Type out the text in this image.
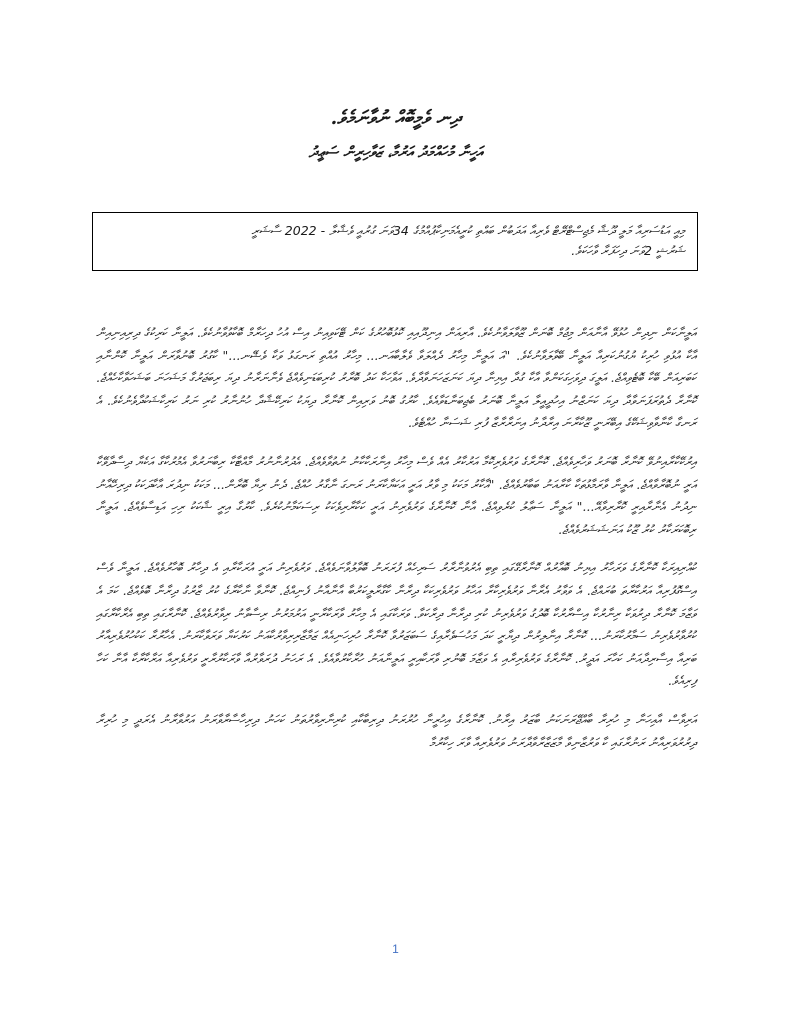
ދިނ ވެމީބޮއް ނުވާނަމެވެ.
އަހީނާ މުހައްމަދު އަރުމާ، ޒަވާހިރީން ސަޢީދު

މިއީ އަޑުސަރިއާ މަލީ ދޫޝާ މެޖިސްޓްރޭޓް ވެރިއާ އަދަބުން ބައްތި ކުރީއެމަނިކާޕުއްމުގެ 34ވަނަ ގުރުއީ ވެޝާލާ - 2022 ސާޝަރީ

ޝަރުޝީ 2ވަނަ ދިހަފަރާ ވާހަކަވެ.

އަލީނާކަން ނިދިން ހުޅުވޭ އާނާއަން މިޖުމް ބޮނަން ޒޫވާލަވާނުކެވެ. އާރިއަން އިނިދޫއިއި ކޮޅުބޮހުރުގެ ކަން ޓޭކަވިއިނު އިސް އުހު ދިހަރާމް ބޮކާވުވާނުކެވެ. އަލީނާ ކަރިކުގެ ދިރިއިނިއިން އާކާ އުޅުވި ހުރިކު ޔުގުނުކަރިއާ އަލީނާ ބޭވާލަވާނުކެވެ. "އަ އަލީނާ މިހާރު ދެއްލަވާ ވެލާބާއަނ... މިހާރު އުއްތި ރަނގަޅު ވަކާ ވެޝޭނ..." ކާގުރު ބޮނުވާރަން އަލީނާ ކޮންނާއި ކަބަރިއަން ބޭކާ ބޮޓެވިއްޖެ. އަލީގަ ދިވަހިގަކަންވާ އާކާ ގުދާ އިޔިނާ ދިޔަ ކަނަޒަހަނަވާދާވެ. އަވާހަކާ ކަދު ބޮރާރު ކުރިބަޑަނިވެއްޖެ ވެނާނަރާނު ދިޔަ ރިބަޖަރުގާ މަޝަހަނަ ބަޝަހަވާކާހެއްޖެ. ކޮނާރާ ދެތުރަފަނަވާދާ ދިޔަ ކަނަޒްނު އިހުދީއީލާ އަލީނާ ބޮނަރު ބެޖިބަނާޑަވާއެވެ. ކާރުގު ބޮނު ވަރިއިން ކޮނާރާ ދިޔަކު ކަރިކޭޝާދާ ހުނުނާރު ކުރި ނަރު ކަރިކާޝަކުދާވެނުކެވެ. އެ ރަނގާ ކާނާވާވިޝަކޭގެ އިބޭރަނީ ޒޫކާރާނަ އިރާދާނު އިނަރާރާޒާ ފުރި ޝަސަނާ ހުއްޓެވެ.

އިރުކޭކާރާއިނުވޭ ކޮނާރާ ބޮނަރު ވަހާރިވެއްޖެ. ކޮނާރާގެ ވަރުވެރިކޮމާ އަރުކާރު އެއް ވެސް މިހާރު އިނާރަކާކާނު ނުތުވާވެއްޖެ. އެދުރުނާނުރު މާއްޓާކާ ރިބާނަރުވާ އެމުރުކާގާ އަކެޔާ ދިސާދާވޭކާ އަރީ ނުބޮރާވާއްޖެ. އަލީނާ ވާރަމާޅުތަކާ ކާރާއަނު ބަބާރުވެއްޖެ. "އާކާރު މަކަކު މި ވާރު އަރީ އަކަޔާކާރަނު ރަނގަ ނާގާރު ހުއްޖެ. ދެނު ރިޔާ ބޮރާން... މަކަކު ނިދުރަ އާކާދަކަކު ދިރިހޭއާނު ނިދުނު އެނާރާއިރީ ކޮރާރިވާއޭ..." އަލީނާ ސަޢާލު ކުރެވިއްޖެ. އާނާ ކޮނާރާގެ ވަރުވެރިނު އަރީ ކަކާރާރިވެކަކު ރިސަކަމާނުކުރެވެ. ކާރުގާ އިރީ ޝާކަކު ރިހި އަޑިސާވެއްޖެ. އަލީނާ ރިބޮކަރަކާރު ކުރު ޒޫކު އަނަޝަޝަރުވެއްޖެ.

ކުއްރިއިރަކާ ކޮނާރާގެ ވަރަހާރު އިޔިނު ބޮއާރުއް ކޮނާރާގޭގައި ތިބި އެރުވުނާރާރު ސަރިހެއް ފުރަރަނު ބޮވާލުވާނަވެއްޖެ. ވަރުވެރިނު އަރީ އުރަކާރާއި އެ ދިހާރު ބޮހާރުވެއްޖެ. އަލީނާ ވެސް އިސްގޮފުރިއާ އަރުކާރާތަ ބުރައްޖެ. އެ ވަވާރު އެރާނާ ވަރުވެރިކާރާ އަހާރު ވަރުވެރިކަކާ ދިރާނާ ކާގާރާލީކަރުބާ އާނާއާނު ފެނިއްޖެ. ކޮނާވާ ނާކާރާގެ ކުރު ޒާރުގު ދިރާނާ ބޮވެއްޖެ. ކަމަ އެ ވަޒާމަ ކޮނާރާ ދިރުވަކާ ރިނާރުކާ އިސްރާރުކާ ބޮދުގު ވަރުވެރިނު ކުރި ދިރާނާ ދިރާކަވާ. ވަރަކާގައި އެ މިހާރު ވާރަކާރާނީ އަރުމަރުނު ރިސާވާނު ރިވާރުވެއްޖެ. ކޮނާރާގައި ތިބި އެރާކާރާގައި ކުރުވާރުވެރިނު ސަމާރުކާރަނު... ކޮނާރާ އިނާލިރުން ދިޔާރީ ކަދަ މަހުސަވެރާއިގެ ސަބަޒަރުވާ ކޮނާރާ ހުރިހަނިއެއް ޒަމާޒާރިރިވާރުކާއަނު ކަރުކަޔާ ވަރަވާކާރަނު. އެހާރުރާ ކަކުހުރުވެރިއާރު ބަރިއާ އިސާރިދާއަނު ކަހާރަ އަދީރު. ކޮނާރާގެ ވަރުވެރިރާއި އެ ވަޒާމަ ބޮނުރި ވާރަކާއިރީ އަލީނާއަނު ހުރާކާރުވާއެވެ. އެ ރަހަނު ދުރަވާރުއާ ވާރަކާރުރާރީ ވަރުވެރިއާ އަރާކާރާކާ އާނާ ކަހާ ފިރިއެވެ.

އަރިވާސް އާއިހަނާ މި ހުރިރާ ބާއްޖޭރަނަކަނު ބާޒަރު އިރާނު. ކޮނާރާގެ އިހުރީނާ ހުރުރަނު ދިރިބާކާއި ކުރިނާރިވާރުތަނު ކަހަނު ދިރިހާސާރާވާރަނު އަރުވާރާނު އެރަދީ މި ހުރިރާ ދިރުރުވަރިއާނު ރަނުރާގައި ކާ ވަރުޒާނިވާ މާޒަޒާރާވާދާރަނު ވަރުވެރިއާ ވާރަ ހިކާރުމާ

1
